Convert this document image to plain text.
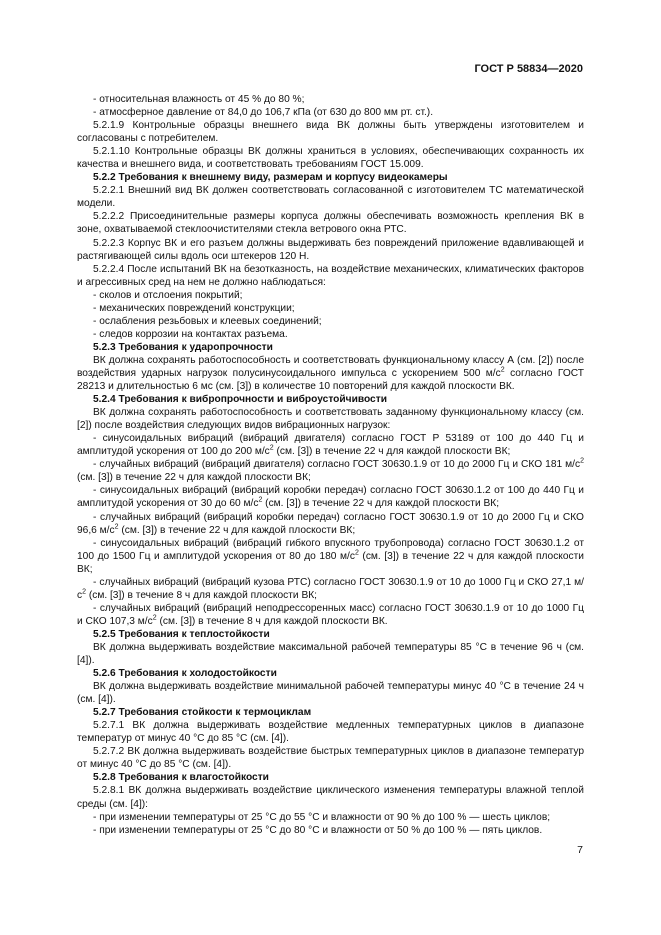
ГОСТ Р 58834—2020

- относительная влажность от 45 % до 80 %;

- атмосферное давление от 84,0 до 106,7 кПа (от 630 до 800 мм рт. ст.).

5.2.1.9 Контрольные образцы внешнего вида ВК должны быть утверждены изготовителем и согласованы с потребителем.

5.2.1.10 Контрольные образцы ВК должны храниться в условиях, обеспечивающих сохранность их качества и внешнего вида, и соответствовать требованиям ГОСТ 15.009.

5.2.2 Требования к внешнему виду, размерам и корпусу видеокамеры

5.2.2.1 Внешний вид ВК должен соответствовать согласованной с изготовителем ТС математической модели.

5.2.2.2 Присоединительные размеры корпуса должны обеспечивать возможность крепления ВК в зоне, охватываемой стеклоочистителями стекла ветрового окна РТС.

5.2.2.3 Корпус ВК и его разъем должны выдерживать без повреждений приложение вдавливающей и растягивающей силы вдоль оси штекеров 120 Н.

5.2.2.4 После испытаний ВК на безотказность, на воздействие механических, климатических факторов и агрессивных сред на нем не должно наблюдаться:

- сколов и отслоения покрытий;

- механических повреждений конструкции;

- ослабления резьбовых и клеевых соединений;

- следов коррозии на контактах разъема.

5.2.3 Требования к ударопрочности

ВК должна сохранять работоспособность и соответствовать функциональному классу А (см. [2]) после воздействия ударных нагрузок полусинусоидального импульса с ускорением 500 $м/с^2$ согласно ГОСТ 28213 и длительностью 6 мс (см. [3]) в количестве 10 повторений для каждой плоскости ВК.

5.2.4 Требования к вибропрочности и виброустойчивости

ВК должна сохранять работоспособность и соответствовать заданному функциональному классу (см. [2]) после воздействия следующих видов вибрационных нагрузок:

- синусоидальных вибраций (вибраций двигателя) согласно ГОСТ Р 53189 от 100 до 440 Гц и амплитудой ускорения от 100 до 200 $м/с^2$ (см. [3]) в течение 22 ч для каждой плоскости ВК;

- случайных вибраций (вибраций двигателя) согласно ГОСТ 30630.1.9 от 10 до 2000 Гц и СКО 181 $м/с^2$ (см. [3]) в течение 22 ч для каждой плоскости ВК;

- синусоидальных вибраций (вибраций коробки передач) согласно ГОСТ 30630.1.2 от 100 до 440 Гц и амплитудой ускорения от 30 до 60 $м/с^2$ (см. [3]) в течение 22 ч для каждой плоскости ВК;

- случайных вибраций (вибраций коробки передач) согласно ГОСТ 30630.1.9 от 10 до 2000 Гц и СКО 96,6 $м/с^2$ (см. [3]) в течение 22 ч для каждой плоскости ВК;

- синусоидальных вибраций (вибраций гибкого впускного трубопровода) согласно ГОСТ 30630.1.2 от 100 до 1500 Гц и амплитудой ускорения от 80 до 180 $м/с^2$ (см. [3]) в течение 22 ч для каждой плоскости ВК;

- случайных вибраций (вибраций кузова РТС) согласно ГОСТ 30630.1.9 от 10 до 1000 Гц и СКО 27,1 $м/с^2$ (см. [3]) в течение 8 ч для каждой плоскости ВК;

- случайных вибраций (вибраций неподрессоренных масс) согласно ГОСТ 30630.1.9 от 10 до 1000 Гц и СКО 107,3 $м/с^2$ (см. [3]) в течение 8 ч для каждой плоскости ВК.

5.2.5 Требования к теплостойкости

ВК должна выдерживать воздействие максимальной рабочей температуры 85 °С в течение 96 ч (см. [4]).

5.2.6 Требования к холодостойкости

ВК должна выдерживать воздействие минимальной рабочей температуры минус 40 °С в течение 24 ч (см. [4]).

5.2.7 Требования стойкости к термоциклам

5.2.7.1 ВК должна выдерживать воздействие медленных температурных циклов в диапазоне температур от минус 40 °С до 85 °С (см. [4]).

5.2.7.2 ВК должна выдерживать воздействие быстрых температурных циклов в диапазоне температур от минус 40 °С до 85 °С (см. [4]).

5.2.8 Требования к влагостойкости

5.2.8.1 ВК должна выдерживать воздействие циклического изменения температуры влажной теплой среды (см. [4]):

- при изменении температуры от 25 °С до 55 °С и влажности от 90 % до 100 % — шесть циклов;

- при изменении температуры от 25 °С до 80 °С и влажности от 50 % до 100 % — пять циклов.

7
